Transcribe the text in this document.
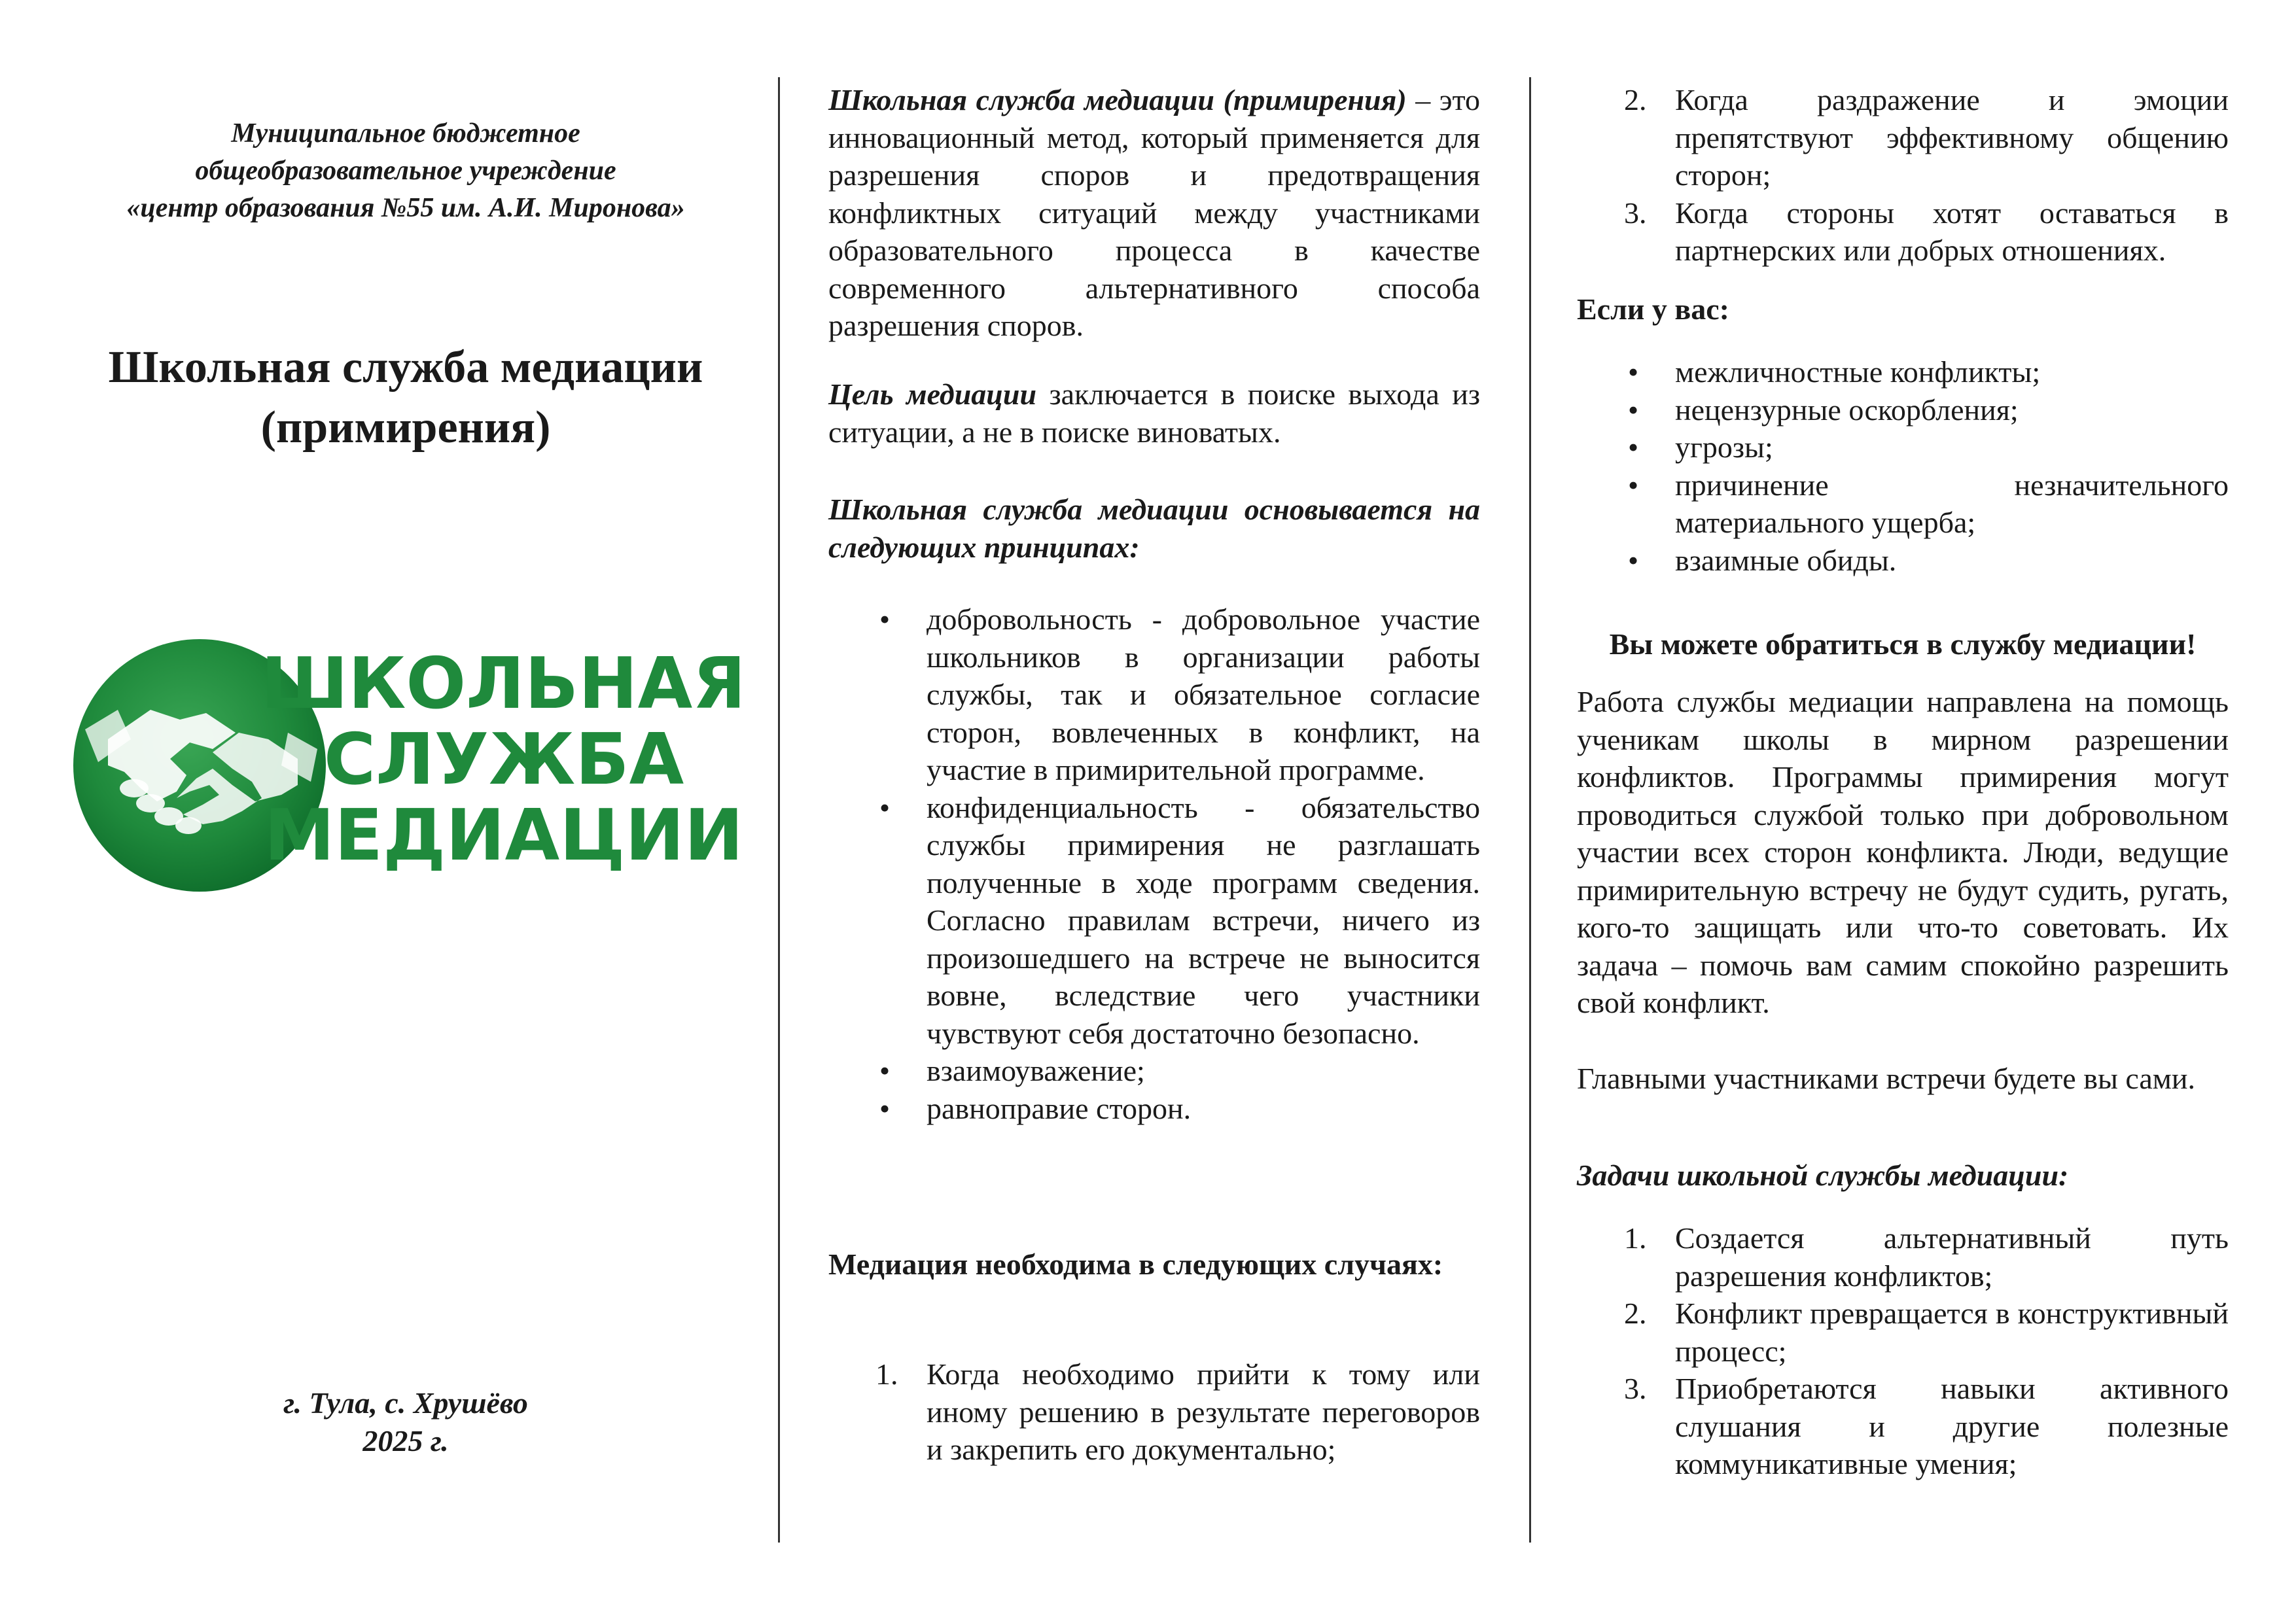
Муниципальное бюджетное
общеобразовательное учреждение
«центр образования №55 им. А.И. Миронова»
Школьная служба медиации
(примирения)
ШКОЛЬНАЯ
СЛУЖБА
МЕДИАЦИИ
г. Тула, с. Хрушёво
2025 г.

Школьная служба медиации (примирения) – это инновационный метод, который применяется для разрешения споров и предотвращения конфликтных ситуаций между участниками образовательного процесса в качестве современного альтернативного способа разрешения споров.

Цель медиации заключается в поиске выхода из ситуации, а не в поиске виноватых.

Школьная служба медиации основывается на следующих принципах:

• добровольность - добровольное участие школьников в организации работы службы, так и обязательное согласие сторон, вовлеченных в конфликт, на участие в примирительной программе.
• конфиденциальность - обязательство службы примирения не разглашать полученные в ходе программ сведения. Согласно правилам встречи, ничего из произошедшего на встрече не выносится вовне, вследствие чего участники чувствуют себя достаточно безопасно.
• взаимоуважение;
• равноправие сторон.

Медиация необходима в следующих случаях:

1. Когда необходимо прийти к тому или иному решению в результате переговоров и закрепить его документально;
2. Когда раздражение и эмоции препятствуют эффективному общению сторон;
3. Когда стороны хотят оставаться в партнерских или добрых отношениях.

Если у вас:

• межличностные конфликты;
• нецензурные оскорбления;
• угрозы;
• причинение незначительного материального ущерба;
• взаимные обиды.

Вы можете обратиться в службу медиации!

Работа службы медиации направлена на помощь ученикам школы в мирном разрешении конфликтов. Программы примирения могут проводиться службой только при добровольном участии всех сторон конфликта. Люди, ведущие примирительную встречу не будут судить, ругать, кого-то защищать или что-то советовать. Их задача – помочь вам самим спокойно разрешить свой конфликт.

Главными участниками встречи будете вы сами.

Задачи школьной службы медиации:

1. Создается альтернативный путь разрешения конфликтов;
2. Конфликт превращается в конструктивный процесс;
3. Приобретаются навыки активного слушания и другие полезные коммуникативные умения;
